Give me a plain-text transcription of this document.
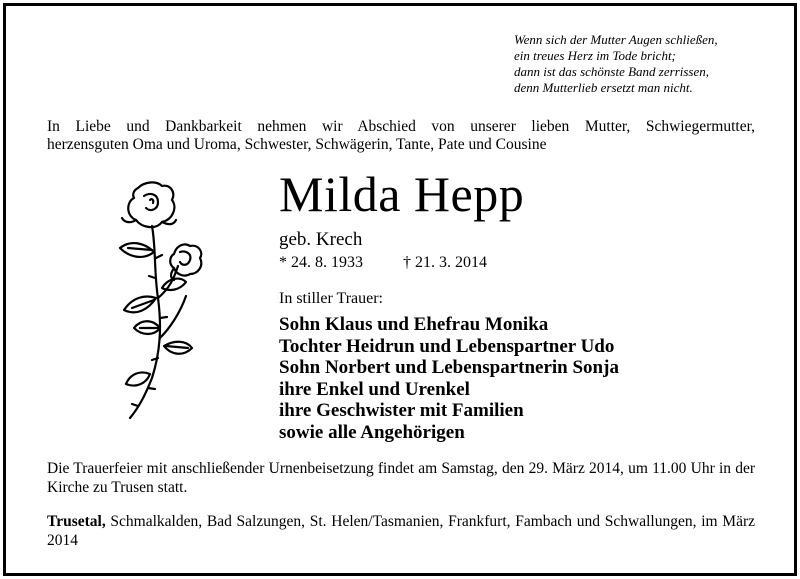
Wenn sich der Mutter Augen schließen,
ein treues Herz im Tode bricht;
dann ist das schönste Band zerrissen,
denn Mutterlieb ersetzt man nicht.
In Liebe und Dankbarkeit nehmen wir Abschied von unserer lieben Mutter, Schwiegermutter,
herzensguten Oma und Uroma, Schwester, Schwägerin, Tante, Pate und Cousine
Milda Hepp
geb. Krech
* 24. 8. 1933	† 21. 3. 2014
In stiller Trauer:
Sohn Klaus und Ehefrau Monika
Tochter Heidrun und Lebenspartner Udo
Sohn Norbert und Lebenspartnerin Sonja
ihre Enkel und Urenkel
ihre Geschwister mit Familien
sowie alle Angehörigen
Die Trauerfeier mit anschließender Urnenbeisetzung findet am Samstag, den 29. März 2014, um 11.00 Uhr in der Kirche zu Trusen statt.
Trusetal, Schmalkalden, Bad Salzungen, St. Helen/Tasmanien, Frankfurt, Fambach und Schwallungen, im März 2014
